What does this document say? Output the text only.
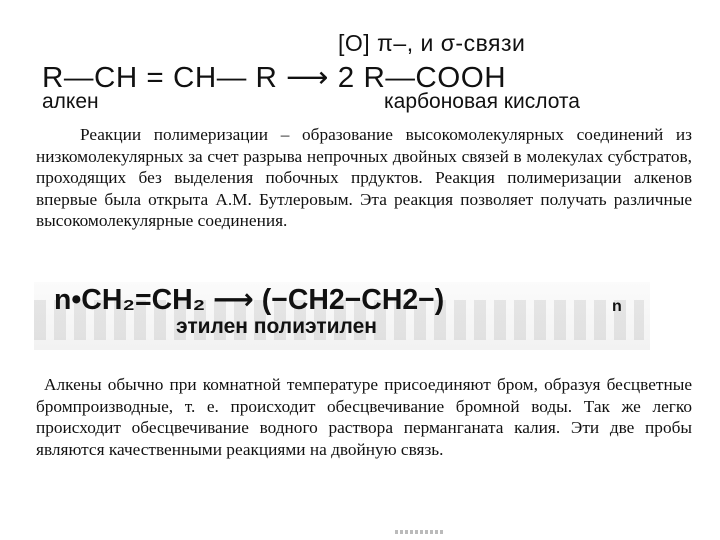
[О] π–, и σ-связи
R—CH = CH— R ⟶ 2 R—COOH
алкен	карбоновая кислота

Реакции полимеризации – образование высокомолекулярных соединений из низкомолекулярных за счет разрыва непрочных двойных связей в молекулах субстратов, проходящих без выделения побочных прдуктов. Реакция полимеризации алкенов впервые была открыта А.М. Бутлеровым. Эта реакция позволяет получать различные высокомолекулярные соединения.

n•CH₂=CH₂ ⟶ (−CH2−CH2−)	n
этилен полиэтилен

Алкены обычно при комнатной температуре присоединяют бром, образуя бесцветные бромпроизводные, т. е. происходит обесцвечивание бромной воды. Так же легко происходит обесцвечивание водного раствора перманганата калия. Эти две пробы являются качественными реакциями на двойную связь.
